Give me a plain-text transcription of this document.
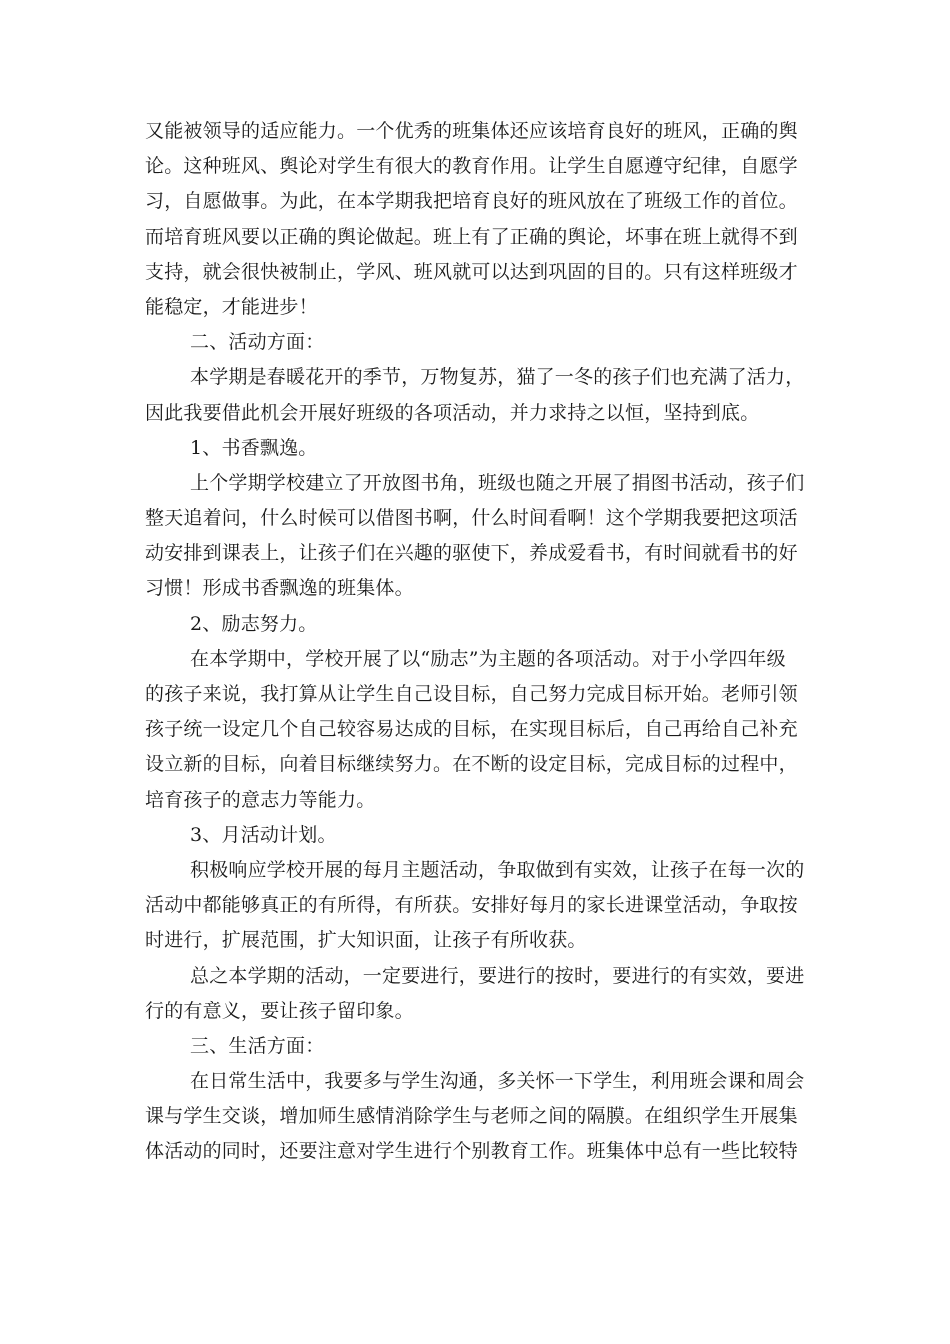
又能被领导的适应能力。一个优秀的班集体还应该培育良好的班风，正确的舆
论。这种班风、舆论对学生有很大的教育作用。让学生自愿遵守纪律，自愿学
习，自愿做事。为此，在本学期我把培育良好的班风放在了班级工作的首位。
而培育班风要以正确的舆论做起。班上有了正确的舆论，坏事在班上就得不到
支持，就会很快被制止，学风、班风就可以达到巩固的目的。只有这样班级才
能稳定，才能进步！
二、活动方面：
本学期是春暖花开的季节，万物复苏，猫了一冬的孩子们也充满了活力，
因此我要借此机会开展好班级的各项活动，并力求持之以恒，坚持到底。
1、书香飘逸。
上个学期学校建立了开放图书角，班级也随之开展了捐图书活动，孩子们
整天追着问，什么时候可以借图书啊，什么时间看啊！这个学期我要把这项活
动安排到课表上，让孩子们在兴趣的驱使下，养成爱看书，有时间就看书的好
习惯！形成书香飘逸的班集体。
2、励志努力。
在本学期中，学校开展了以“励志”为主题的各项活动。对于小学四年级
的孩子来说，我打算从让学生自己设目标，自己努力完成目标开始。老师引领
孩子统一设定几个自己较容易达成的目标，在实现目标后，自己再给自己补充
设立新的目标，向着目标继续努力。在不断的设定目标，完成目标的过程中，
培育孩子的意志力等能力。
3、月活动计划。
积极响应学校开展的每月主题活动，争取做到有实效，让孩子在每一次的
活动中都能够真正的有所得，有所获。安排好每月的家长进课堂活动，争取按
时进行，扩展范围，扩大知识面，让孩子有所收获。
总之本学期的活动，一定要进行，要进行的按时，要进行的有实效，要进
行的有意义，要让孩子留印象。
三、生活方面：
在日常生活中，我要多与学生沟通，多关怀一下学生，利用班会课和周会
课与学生交谈，增加师生感情消除学生与老师之间的隔膜。在组织学生开展集
体活动的同时，还要注意对学生进行个别教育工作。班集体中总有一些比较特
